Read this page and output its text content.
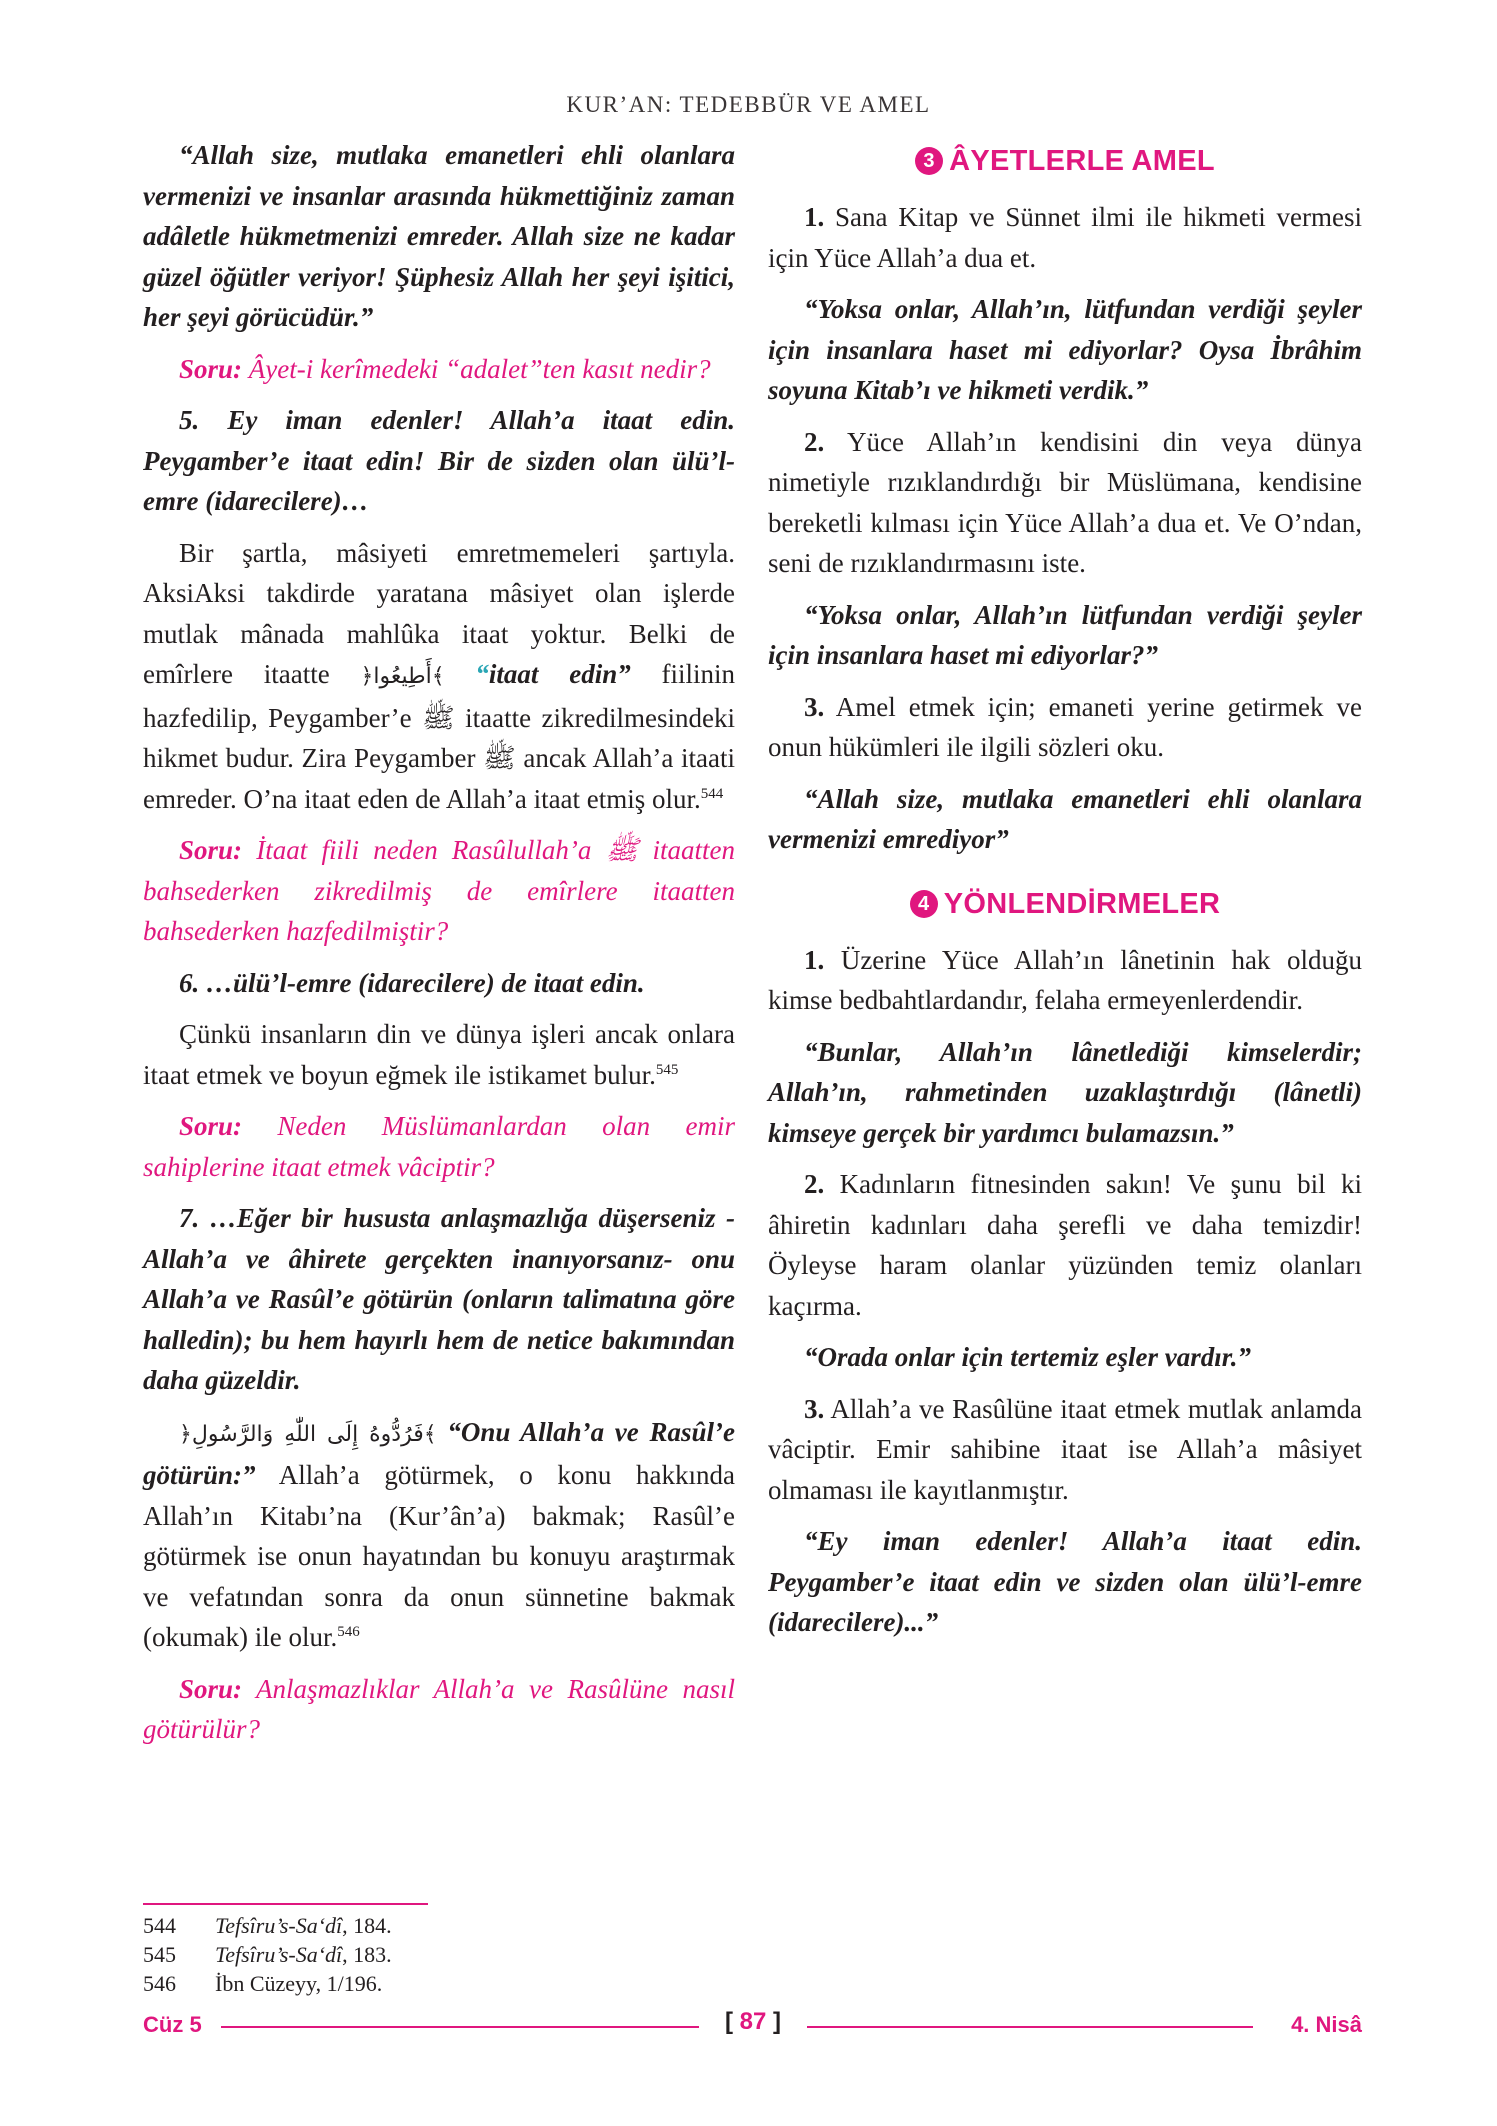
KUR’AN: TEDEBBÜR VE AMEL

“Allah size, mutlaka emanetleri ehli olanlara vermenizi ve insanlar arasında hükmettiğiniz zaman adâletle hükmetmenizi emreder. Allah size ne kadar güzel öğütler veriyor! Şüphesiz Allah her şeyi işitici, her şeyi görücüdür.”

Soru: Âyet-i kerîmedeki “adalet”ten kasıt nedir?

5. Ey iman edenler! Allah’a itaat edin. Peygamber’e itaat edin! Bir de sizden olan ülü’l-emre (idarecilere)…

Bir şartla, mâsiyeti emretmemeleri şartıyla. AksiAksi takdirde yaratana mâsiyet olan işlerde mutlak mânada mahlûka itaat yoktur. Belki de emîrlere itaatte ﴿أَطِيعُوا﴾ “itaat edin” fiilinin hazfedilip, Peygamber’e ﷺ itaatte zikredilmesindeki hikmet budur. Zira Peygamber ﷺ ancak Allah’a itaati emreder. O’na itaat eden de Allah’a itaat etmiş olur.$^{544}$

Soru: İtaat fiili neden Rasûlullah’a ﷺ itaatten bahsederken zikredilmiş de emîrlere itaatten bahsederken hazfedilmiştir?

6. …ülü’l-emre (idarecilere) de itaat edin.

Çünkü insanların din ve dünya işleri ancak onlara itaat etmek ve boyun eğmek ile istikamet bulur.$^{545}$

Soru: Neden Müslümanlardan olan emir sahiplerine itaat etmek vâciptir?

7. …Eğer bir hususta anlaşmazlığa düşerseniz -Allah’a ve âhirete gerçekten inanıyorsanız- onu Allah’a ve Rasûl’e götürün (onların talimatına göre halledin); bu hem hayırlı hem de netice bakımından daha güzeldir.

﴿فَرُدُّوهُ إِلَى اللّٰهِ وَالرَّسُولِ﴾ “Onu Allah’a ve Rasûl’e götürün:” Allah’a götürmek, o konu hakkında Allah’ın Kitabı’na (Kur’ân’a) bakmak; Rasûl’e götürmek ise onun hayatından bu konuyu araştırmak ve vefatından sonra da onun sünnetine bakmak (okumak) ile olur.$^{546}$

Soru: Anlaşmazlıklar Allah’a ve Rasûlüne nasıl götürülür?

3 ÂYETLERLE AMEL

1. Sana Kitap ve Sünnet ilmi ile hikmeti vermesi için Yüce Allah’a dua et.

“Yoksa onlar, Allah’ın, lütfundan verdiği şeyler için insanlara haset mi ediyorlar? Oysa İbrâhim soyuna Kitab’ı ve hikmeti verdik.”

2. Yüce Allah’ın kendisini din veya dünya nimetiyle rızıklandırdığı bir Müslümana, kendisine bereketli kılması için Yüce Allah’a dua et. Ve O’ndan, seni de rızıklandırmasını iste.

“Yoksa onlar, Allah’ın lütfundan verdiği şeyler için insanlara haset mi ediyorlar?”

3. Amel etmek için; emaneti yerine getirmek ve onun hükümleri ile ilgili sözleri oku.

“Allah size, mutlaka emanetleri ehli olanlara vermenizi emrediyor”

4 YÖNLENDİRMELER

1. Üzerine Yüce Allah’ın lânetinin hak olduğu kimse bedbahtlardandır, felaha ermeyenlerdendir.

“Bunlar, Allah’ın lânetlediği kimselerdir; Allah’ın, rahmetinden uzaklaştırdığı (lânetli) kimseye gerçek bir yardımcı bulamazsın.”

2. Kadınların fitnesinden sakın! Ve şunu bil ki âhiretin kadınları daha şerefli ve daha temizdir! Öyleyse haram olanlar yüzünden temiz olanları kaçırma.

“Orada onlar için tertemiz eşler vardır.”

3. Allah’a ve Rasûlüne itaat etmek mutlak anlamda vâciptir. Emir sahibine itaat ise Allah’a mâsiyet olmaması ile kayıtlanmıştır.

“Ey iman edenler! Allah’a itaat edin. Peygamber’e itaat edin ve sizden olan ülü’l-emre (idarecilere)...”

544	Tefsîru’s-Sa‘dî, 184.
545	Tefsîru’s-Sa‘dî, 183.
546	İbn Cüzeyy, 1/196.
Cüz 5	[ 87 ]	4. Nisâ
